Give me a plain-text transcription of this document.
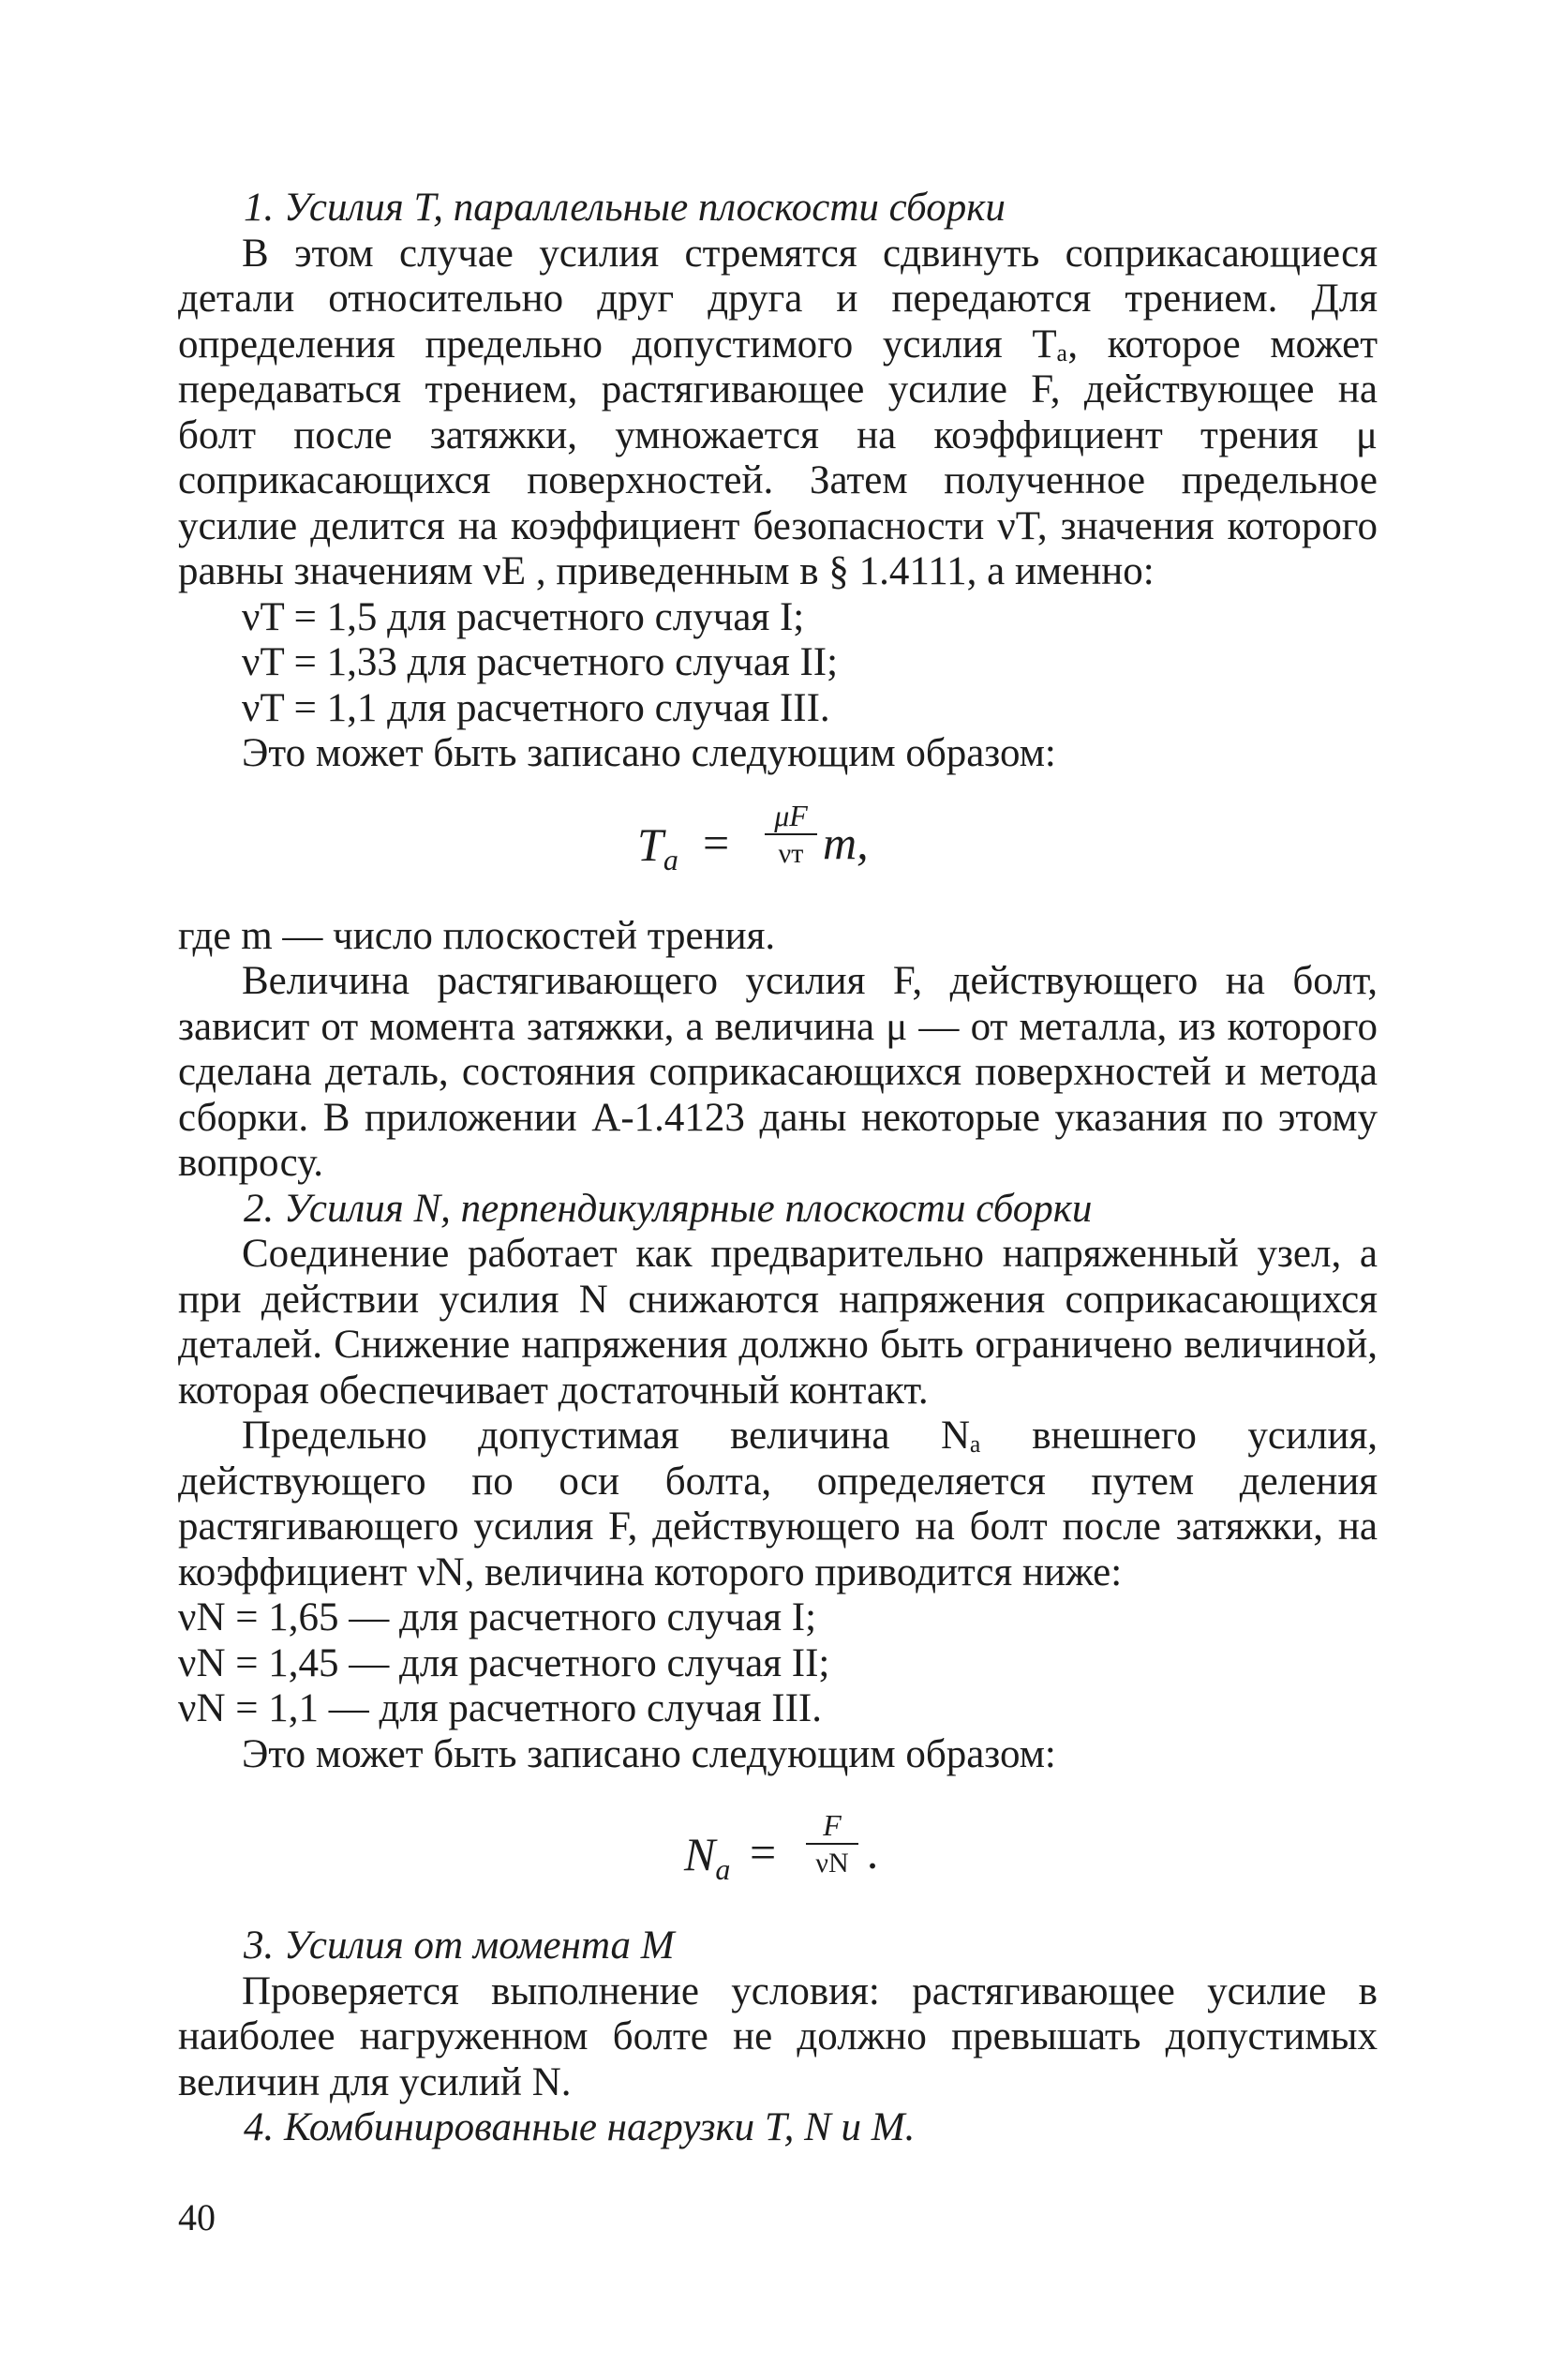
1. Усилия T, параллельные плоскости сборки

В этом случае усилия стремятся сдвинуть соприкасающиеся детали относительно друг друга и передаются трением. Для определения предельно допустимого усилия Tₐ, которое может передаваться трением, растягивающее усилие F, действующее на болт после затяжки, умножается на коэффициент трения μ соприкасающихся поверхностей. Затем полученное предельное усилие делится на коэффициент безопасности νT, значения которого равны значениям νE , приведенным в § 1.4111, а именно:

νT = 1,5 для расчетного случая I;

νT = 1,33 для расчетного случая II;

νT = 1,1 для расчетного случая III.

Это может быть записано следующим образом:

$T_a$ =
μF
νт m,

где m — число плоскостей трения.

Величина растягивающего усилия F, действующего на болт, зависит от момента затяжки, а величина μ — от металла, из которого сделана деталь, состояния соприкасающихся поверхностей и метода сборки. В приложении A-1.4123 даны некоторые указания по этому вопросу.

2. Усилия N, перпендикулярные плоскости сборки

Соединение работает как предварительно напряженный узел, а при действии усилия N снижаются напряжения соприкасающихся деталей. Снижение напряжения должно быть ограничено величиной, которая обеспечивает достаточный контакт.

Предельно допустимая величина Nₐ внешнего усилия, действующего по оси болта, определяется путем деления растягивающего усилия F, действующего на болт после затяжки, на коэффициент νN, величина которого приводится ниже:

νN = 1,65 — для расчетного случая I;

νN = 1,45 — для расчетного случая II;

νN = 1,1 — для расчетного случая III.

Это может быть записано следующим образом:

$N_a$ =
F
νN .

3. Усилия от момента M

Проверяется выполнение условия: растягивающее усилие в наиболее нагруженном болте не должно превышать допустимых величин для усилий N.

4. Комбинированные нагрузки T, N и M.

40
